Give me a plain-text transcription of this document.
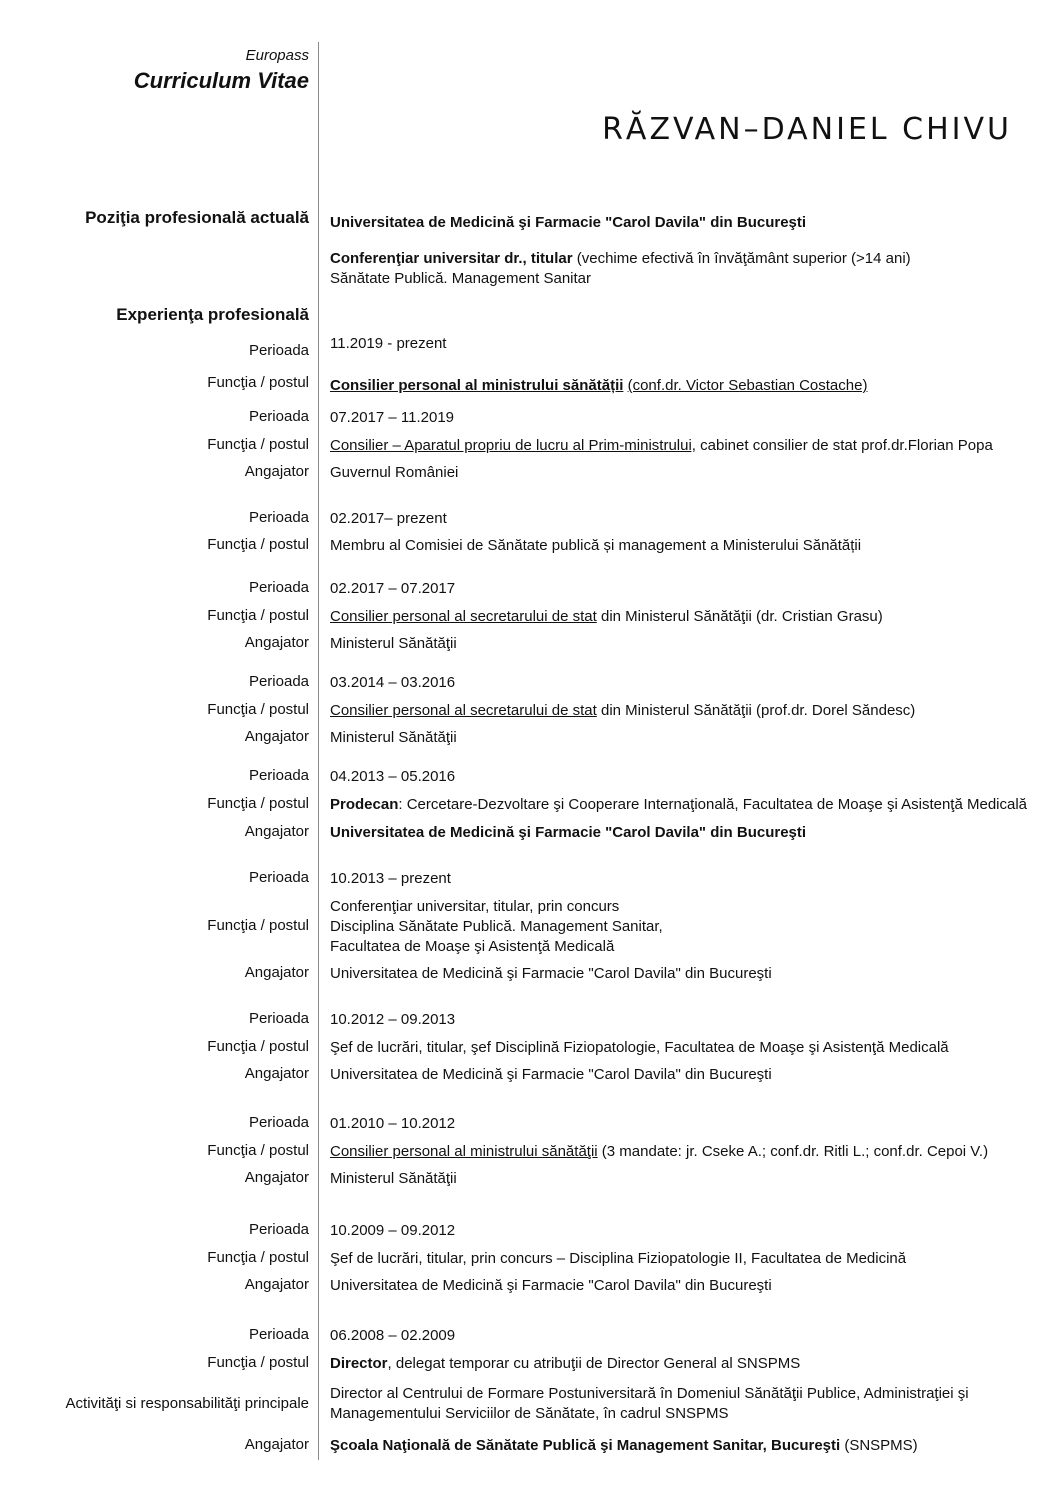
Europass
Curriculum Vitae
RĂZVAN–DANIEL CHIVU
Poziţia profesională actuală Universitatea de Medicină şi Farmacie "Carol Davila" din Bucureşti
Conferenţiar universitar dr., titular (vechime efectivă în învăţământ superior (>14 ani)
Sănătate Publică. Management Sanitar
Experienţa profesională
Perioada 11.2019 - prezent
Funcţia / postul Consilier personal al ministrului sănătății (conf.dr. Victor Sebastian Costache)
Perioada 07.2017 – 11.2019
Funcţia / postul Consilier – Aparatul propriu de lucru al Prim-ministrului, cabinet consilier de stat prof.dr.Florian Popa
Angajator Guvernul României
Perioada 02.2017– prezent
Funcţia / postul Membru al Comisiei de Sănătate publică și management a Ministerului Sănătății
Perioada 02.2017 – 07.2017
Funcţia / postul Consilier personal al secretarului de stat din Ministerul Sănătăţii (dr. Cristian Grasu)
Angajator Ministerul Sănătăţii
Perioada 03.2014 – 03.2016
Funcţia / postul Consilier personal al secretarului de stat din Ministerul Sănătăţii (prof.dr. Dorel Săndesc)
Angajator Ministerul Sănătăţii
Perioada 04.2013 – 05.2016
Funcţia / postul Prodecan: Cercetare-Dezvoltare şi Cooperare Internaţională, Facultatea de Moaşe şi Asistenţă Medicală
Angajator Universitatea de Medicină şi Farmacie "Carol Davila" din Bucureşti
Perioada 10.2013 – prezent
Funcţia / postul
Conferenţiar universitar, titular, prin concurs
Disciplina Sănătate Publică. Management Sanitar,
Facultatea de Moaşe şi Asistenţă Medicală
Angajator Universitatea de Medicină şi Farmacie "Carol Davila" din Bucureşti
Perioada 10.2012 – 09.2013
Funcţia / postul Şef de lucrări, titular, şef Disciplină Fiziopatologie, Facultatea de Moaşe şi Asistenţă Medicală
Angajator Universitatea de Medicină şi Farmacie "Carol Davila" din Bucureşti
Perioada 01.2010 – 10.2012
Funcţia / postul Consilier personal al ministrului sănătăţii (3 mandate: jr. Cseke A.; conf.dr. Ritli L.; conf.dr. Cepoi V.)
Angajator Ministerul Sănătăţii
Perioada 10.2009 – 09.2012
Funcţia / postul Şef de lucrări, titular, prin concurs – Disciplina Fiziopatologie II, Facultatea de Medicină
Angajator Universitatea de Medicină şi Farmacie "Carol Davila" din Bucureşti
Perioada 06.2008 – 02.2009
Funcţia / postul Director, delegat temporar cu atribuţii de Director General al SNSPMS
Activităţi si responsabilităţi principale
Director al Centrului de Formare Postuniversitară în Domeniul Sănătăţii Publice, Administraţiei şi
Managementului Serviciilor de Sănătate, în cadrul SNSPMS
Angajator Şcoala Naţională de Sănătate Publică şi Management Sanitar, Bucureşti (SNSPMS)
